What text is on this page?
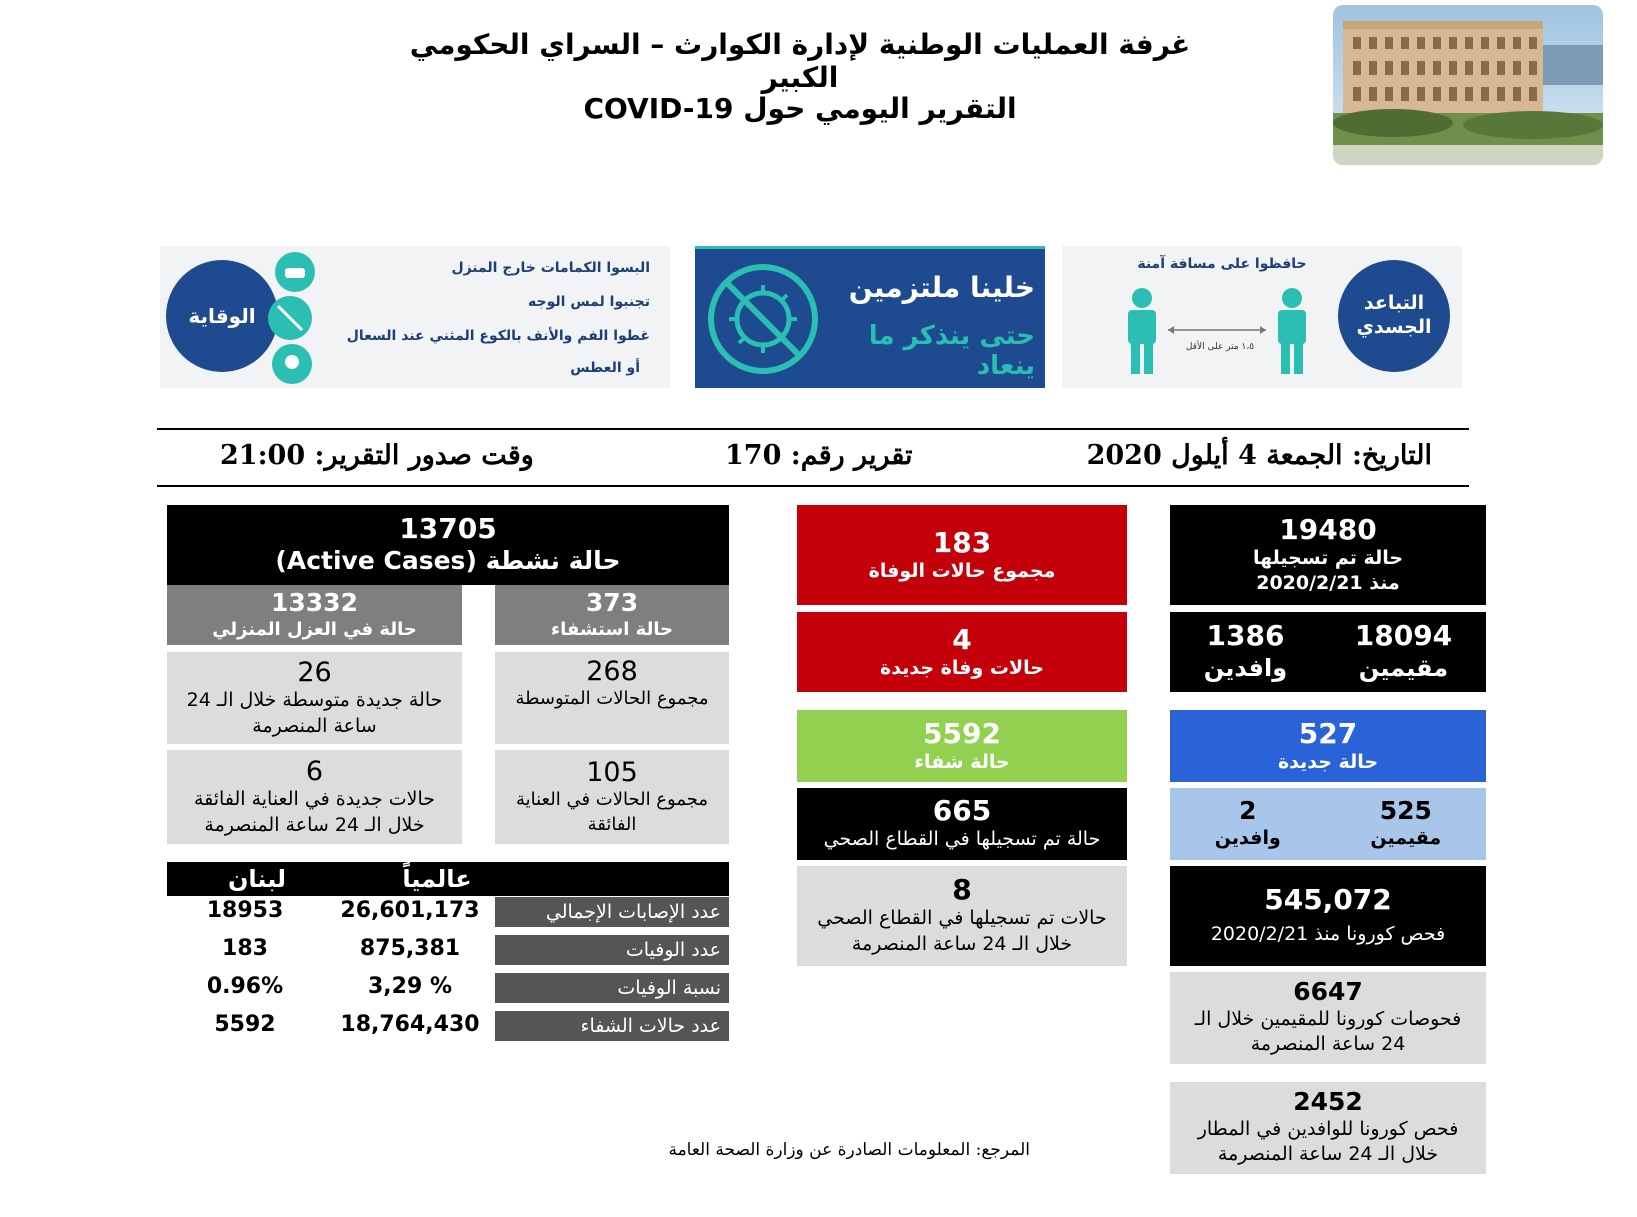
غرفة العمليات الوطنية لإدارة الكوارث – السراي الحكومي الكبير
التقرير اليومي حول COVID-19
البسوا الكمامات خارج المنزل
تجنبوا لمس الوجه
غطوا الفم والأنف بالكوع المثني عند السعال
أو العطس
الوقاية
خلينا ملتزمين
حتى ينذكر ما ينعاد
حافظوا على مسافة آمنة
١،٥ متر على الأقل
التباعد
الجسدي
التاريخ: الجمعة 4 أيلول 2020
تقرير رقم: 170
وقت صدور التقرير: 21:00
19480
حالة تم تسجيلها
منذ 2020/2/21
1386
وافدين
18094
مقيمين
527
حالة جديدة
2
وافدين
525
مقيمين
545,072
فحص كورونا منذ 2020/2/21
6647
فحوصات كورونا للمقيمين خلال الـ
24 ساعة المنصرمة
2452
فحص كورونا للوافدين في المطار
خلال الـ 24 ساعة المنصرمة
183
مجموع حالات الوفاة
4
حالات وفاة جديدة
5592
حالة شفاء
665
حالة تم تسجيلها في القطاع الصحي
8
حالات تم تسجيلها في القطاع الصحي
خلال الـ 24 ساعة المنصرمة
13705
حالة نشطة (Active Cases)
13332
حالة في العزل المنزلي
373
حالة استشفاء
26
حالة جديدة متوسطة خلال الـ 24
ساعة المنصرمة
268
مجموع الحالات المتوسطة
6
حالات جديدة في العناية الفائقة
خلال الـ 24 ساعة المنصرمة
105
مجموع الحالات في العناية
الفائقة
عالمياً
لبنان
عدد الإصابات الإجمالي
26,601,173
18953
عدد الوفيات
875,381
183
نسبة الوفيات
3,29 %
0.96%
عدد حالات الشفاء
18,764,430
5592
المرجع: المعلومات الصادرة عن وزارة الصحة العامة
